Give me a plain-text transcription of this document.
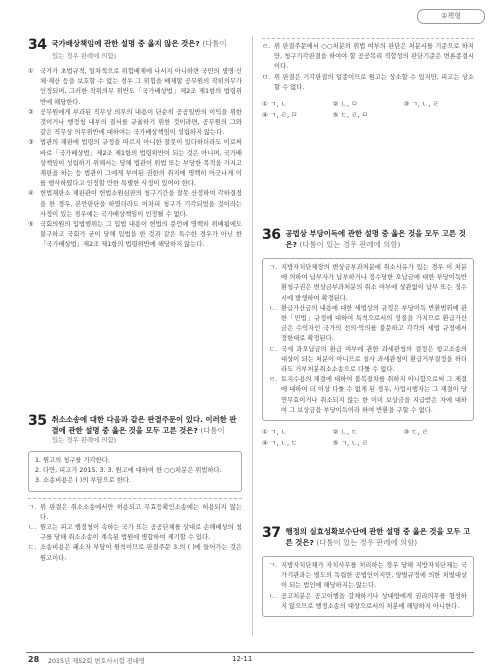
①책형
34 국가배상책임에 관한 설명 중 옳지 않은 것은? (다툼이
있는 경우 판례에 의함)
①	국가가 초법규적, 일차적으로 위험배제에 나서지 아니하면 국민의 생명·신체·재산 등을 보호할 수 없는 경우 그 위험을 배제할 공무원의 작위의무가 인정되며, 그러한 작위의무 위반도「국가배상법」제2조 제1항의 법령위반에 해당한다.
②	공무원에게 부과된 직무상 의무의 내용이 단순히 공공일반의 이익을 위한 것이거나 행정청 내부의 질서를 규율하기 위한 것이라면, 공무원의 그와 같은 직무상 의무위반에 대하여는 국가배상책임이 성립하지 않는다.
③	법관의 재판에 법령의 규정을 따르지 아니한 잘못이 있다하더라도 이로써 바로「국가배상법」제2조 제1항의 법령위반이 되는 것은 아니며, 국가배상책임이 성립하기 위해서는 당해 법관이 위법 또는 부당한 목적을 가지고 재판을 하는 등 법관이 그에게 부여된 권한의 취지에 명백히 어긋나게 이를 행사하였다고 인정할 만한 특별한 사정이 있어야 한다.
④	헌법재판소 재판관이 헌법소원심판의 청구기간을 잘못 산정하여 각하결정을 한 경우, 본안판단을 하였더라도 어차피 청구가 기각되었을 것이라는 사정이 있는 경우에는 국가배상책임이 인정될 수 없다.
⑤	국회의원의 입법행위는 그 입법 내용이 헌법의 문언에 명백히 위배됨에도 불구하고 국회가 굳이 당해 입법을 한 것과 같은 특수한 경우가 아닌 한「국가배상법」제2조 제1항의 법령위반에 해당하지 않는다.
35 취소소송에 대한 다음과 같은 판결주문이 있다. 이러한 판결에 관한 설명 중 옳은 것을 모두 고른 것은? (다툼이
있는 경우 판례에 의함)
1. 원고의 청구를 기각한다.
2. 다만, 피고가 2015. 3. 3. 원고에 대하여 한 ○○처분은 위법하다.
3. 소송비용은 ( )의 부담으로 한다.
ㄱ. 위 판결은 취소소송에서만 허용되고 무효등확인소송에는 허용되지 않는다.
ㄴ. 원고는 피고 행정청이 속하는 국가 또는 공공단체를 상대로 손해배상의 청구를 당해 취소소송이 계속된 법원에 병합하여 제기할 수 있다.
ㄷ. 소송비용은 패소자 부담이 원칙이므로 판결주문 3.의 ( )에 들어가는 것은 원고이다.
ㄹ. 위 판결주문에서 ○○처분의 위법 여부의 판단은 처분시를 기준으로 하지만, 청구기각판결을 하여야 할 공공복리 적합성의 판단기준은 변론종결시이다.
ㅁ. 위 판결은 기각판결의 일종이므로 원고는 상소할 수 있지만, 피고는 상소할 수 없다.
① ㄱ, ㄴ	② ㄴ, ㅁ	③ ㄱ, ㄴ, ㄹ
④ ㄱ, ㄹ, ㅁ	⑤ ㄷ, ㄹ, ㅁ
36 공법상 부당이득에 관한 설명 중 옳은 것을 모두 고른 것은? (다툼이 있는 경우 판례에 의함)
ㄱ. 지방자치단체장의 변상금부과처분에 취소사유가 있는 경우 이 처분에 의하여 납부자가 납부하거나 징수당한 오납금에 대한 부당이득반환청구권은 변상금부과처분의 취소 여부에 상관없이 납부 또는 징수시에 발생하여 확정된다.
ㄴ. 환급가산금의 내용에 대한 세법상의 규정은 부당이득 반환범위에 관한「민법」규정에 대하여 특칙으로서의 성질을 가지므로 환급가산금은 수익자인 국가의 선의·악의를 불문하고 각각의 세법 규정에서 정한대로 확정된다.
ㄷ. 국세 과오납금의 환급 여부에 관한 과세관청의 결정은 항고소송의 대상이 되는 처분이 아니므로 설사 과세관청이 환급거부결정을 하더라도 거부처분취소소송으로 다툴 수 없다.
ㄹ. 토지수용의 재결에 대하여 불복절차를 취하지 아니함으로써 그 재결에 대하여 더 이상 다툴 수 없게 된 경우, 사업시행자는 그 재결이 당연무효이거나 취소되지 않는 한 이미 보상금을 지급받은 자에 대하여 그 보상금을 부당이득이라 하여 반환을 구할 수 없다.
① ㄱ, ㄴ	② ㄴ, ㄷ	③ ㄷ, ㄹ
④ ㄱ, ㄴ, ㄷ	⑤ ㄱ, ㄴ, ㄹ
37 행정의 실효성확보수단에 관한 설명 중 옳은 것을 모두 고른 것은? (다툼이 있는 경우 판례에 의함)
ㄱ. 지방자치단체가 자치사무를 처리하는 경우 당해 지방자치단체는 국가기관과는 별도의 독립한 공법인이지만, 양벌규정에 의한 처벌대상이 되는 법인에 해당하지는 않는다.
ㄴ. 공고처분은 공고이행을 강제하기나 상대방에게 권리의무를 형성하지 않으므로 행정소송의 대상으로서의 처분에 해당하지 아니한다.
28 2015년 제52회 변호사시험 전대영	12-11
